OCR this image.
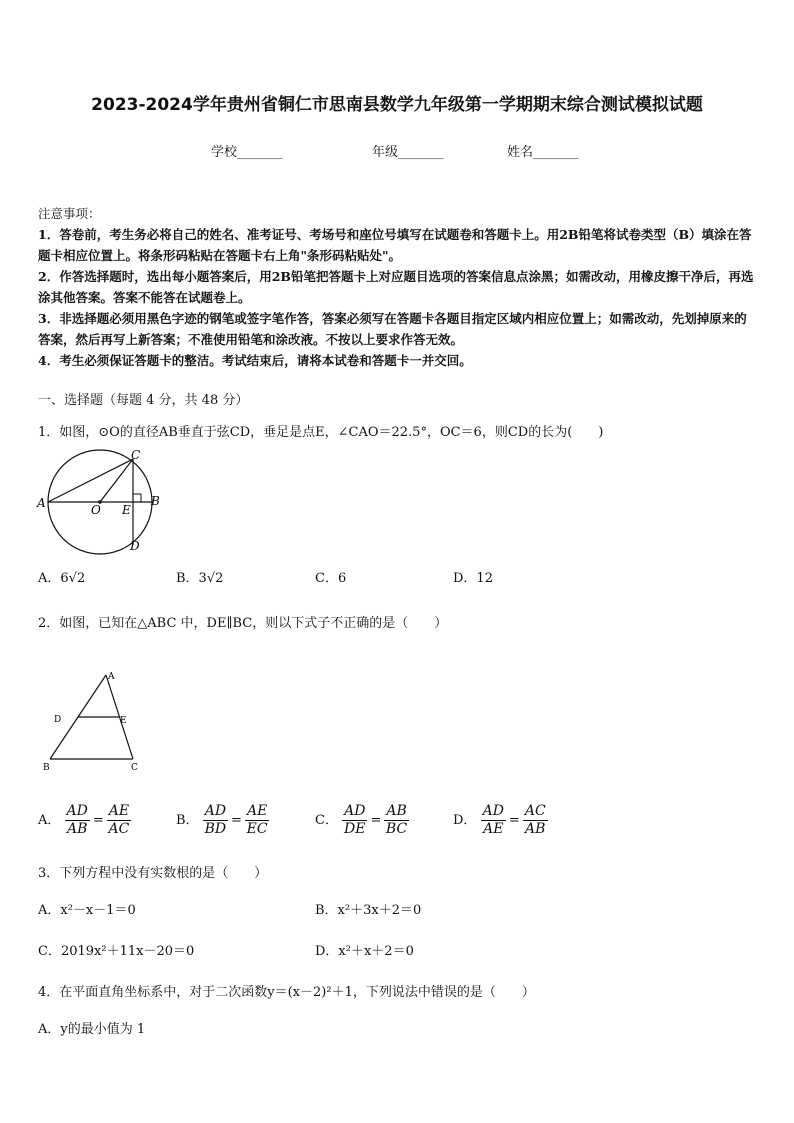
2023-2024学年贵州省铜仁市思南县数学九年级第一学期期末综合测试模拟试题
学校_______	年级_______	姓名_______
注意事项：

1．答卷前，考生务必将自己的姓名、准考证号、考场号和座位号填写在试题卷和答题卡上。用2B铅笔将试卷类型（B）填涂在答题卡相应位置上。将条形码粘贴在答题卡右上角"条形码粘贴处"。

2．作答选择题时，选出每小题答案后，用2B铅笔把答题卡上对应题目选项的答案信息点涂黑；如需改动，用橡皮擦干净后，再选涂其他答案。答案不能答在试题卷上。

3．非选择题必须用黑色字迹的钢笔或签字笔作答，答案必须写在答题卡各题目指定区域内相应位置上；如需改动，先划掉原来的答案，然后再写上新答案；不准使用铅笔和涂改液。不按以上要求作答无效。

4．考生必须保证答题卡的整洁。考试结束后，请将本试卷和答题卡一并交回。

一、选择题（每题 4 分，共 48 分）
1．如图，⊙O的直径AB垂直于弦CD，垂足是点E，∠CAO＝22.5°，OC＝6，则CD的长为(　　)
A	B
C
D
O E
A．6√2	B．3√2	C．6	D．12
2．如图，已知在△ABC 中，DE∥BC，则以下式子不正确的是（　　）
A
D	E
B	C
A． $\frac{AD}{AB} = \frac{AE}{AC}$	B． $\frac{AD}{BD} = \frac{AE}{EC}$	C． $\frac{AD}{DE} = \frac{AB}{BC}$	D． $\frac{AD}{AE} = \frac{AC}{AB}$
3．下列方程中没有实数根的是（　　）
A．x²－x－1＝0	B．x²＋3x＋2＝0
C．2019x²＋11x－20＝0	D．x²＋x＋2＝0
4．在平面直角坐标系中，对于二次函数y＝(x－2)²＋1，下列说法中错误的是（　　）
A．y的最小值为 1
